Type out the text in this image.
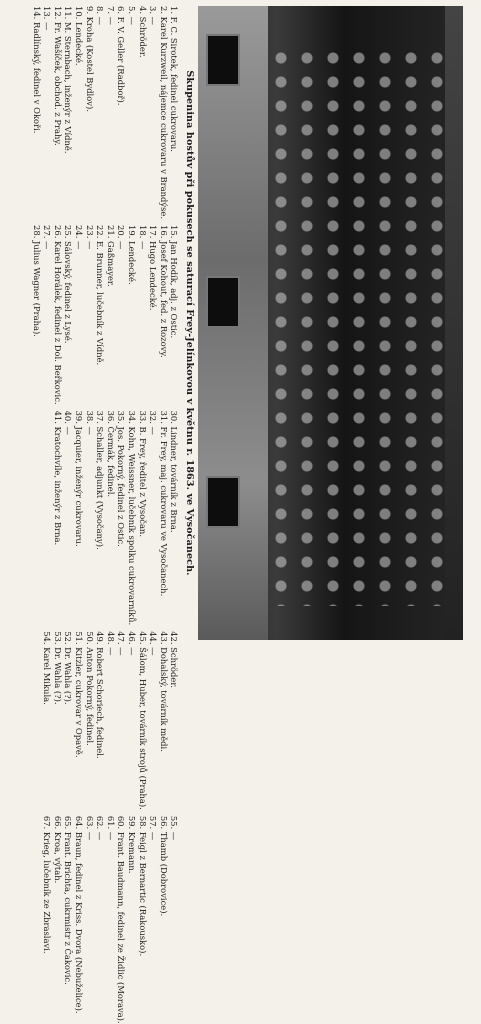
Skupenina hostův při pokusech se saturací Frey-Jelínkovou v květnu r. 1863. ve Vysočanech.
1. F. C. Sirotek, fedinel cukrovaru.
2. Karel Kurzweil, nájemce cukrovaru v Brandýse.
3. —
4. Schröder.
5. —
6. F. V. Geller (Radboř).
7. —
8. —
9. Kroha (Kostel Bydlov).
10. Lendecké.
11. M. Sternbach, inženýr z Vídně.
12. Fr. Wašíček, obchod. z Prahy.
13. —
14. Radlínský, fedinel v Okoři.
15. Jan Hodík, adj. z Ostic.
16. Josef Kohout, fed. z Rozovy.
17. Hugo Lendecké.
18. —
19. Lendecké.
20. —
21. Gaßmayer.
22. E. Brunner, lučebník z Vídně.
23. —
24. —
25. Sálovský, fedinel z Lysé.
26. Karel Horálek, fedinel z Dol. Beřkovic.
27. —
28. Julius Wagner (Praha).
30. Lindner, továrník z Brna.
31. Fr. Frey, maj. cukrovaru ve Vysočanech.
32. —
33. B. Frey, ředitel z Vysočan.
34. Kohn, Weissner, lučebník spolku cukrovarníků.
35. Jos. Pokorný, fedinel z Ostic.
36. Čermák, fedinel.
37. Schaller, adjunkt (Vysočany).
38. —
39. Jacquier, inženýr cukrovaru.
40. —
41. Kratochvíle, inženýr z Brna.
42. Schröder.
43. Dohalský, továrník mědi.
44. —
45. Šálom, Huber, továrník strojů (Praha).
46. —
47. —
48. —
49. Robert Schoriech, fedinel.
50. Anton Pokorný, fedinel.
51. Kitzler, cukrovar v Opavě.
52. Dr. Wahla (?).
53. Dr. Wahla (?).
54. Karel Mikula.
55. —
56. Thamb (Dobrovice).
57. —
58. Feigl z Bernartic (Rakousko).
59. Kremann.
60. Frant. Baudmann, fedinel ze Židlic (Morava).
61. —
62. —
63. —
64. Braun, fedinel z Kriss. Dvora (Nebuželice).
65. Frant. Brichta, cukrmistr z Čakovic.
66. Kroa, výtah.
67. Krieg, lučebník ze Zbraslavi.
